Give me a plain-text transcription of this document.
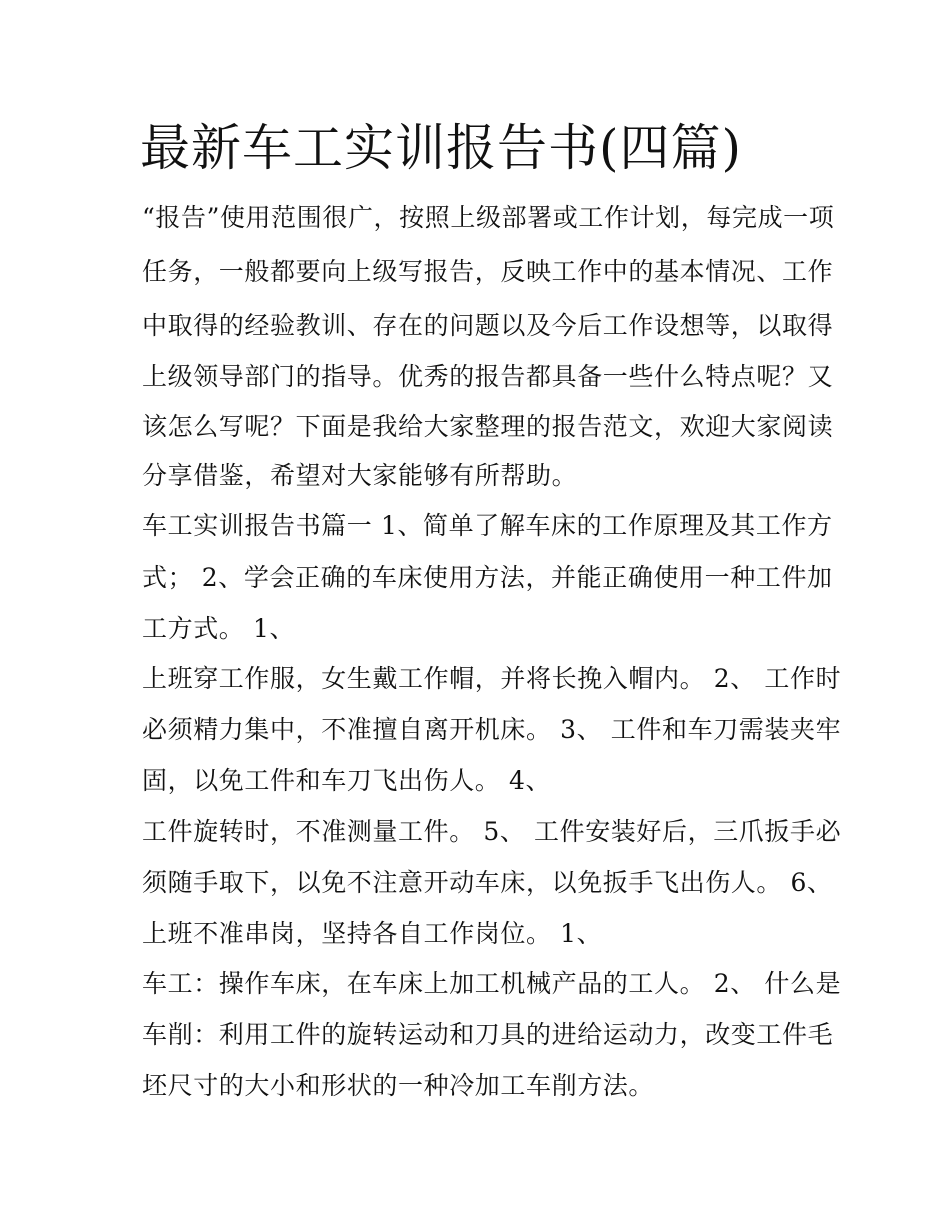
最新车工实训报告书(四篇)

“报告”使用范围很广，按照上级部署或工作计划，每完成一项

任务，一般都要向上级写报告，反映工作中的基本情况、工作

中取得的经验教训、存在的问题以及今后工作设想等，以取得

上级领导部门的指导。优秀的报告都具备一些什么特点呢？又

该怎么写呢？下面是我给大家整理的报告范文，欢迎大家阅读

分享借鉴，希望对大家能够有所帮助。

车工实训报告书篇一 1、简单了解车床的工作原理及其工作方

式； 2、学会正确的车床使用方法，并能正确使用一种工件加

工方式。 1、

上班穿工作服，女生戴工作帽，并将长挽入帽内。 2、 工作时

必须精力集中，不准擅自离开机床。 3、 工件和车刀需装夹牢

固，以免工件和车刀飞出伤人。 4、

工件旋转时，不准测量工件。 5、 工件安装好后，三爪扳手必

须随手取下，以免不注意开动车床，以免扳手飞出伤人。 6、

上班不准串岗，坚持各自工作岗位。 1、

车工：操作车床，在车床上加工机械产品的工人。 2、 什么是

车削：利用工件的旋转运动和刀具的进给运动力，改变工件毛

坯尺寸的大小和形状的一种冷加工车削方法。
